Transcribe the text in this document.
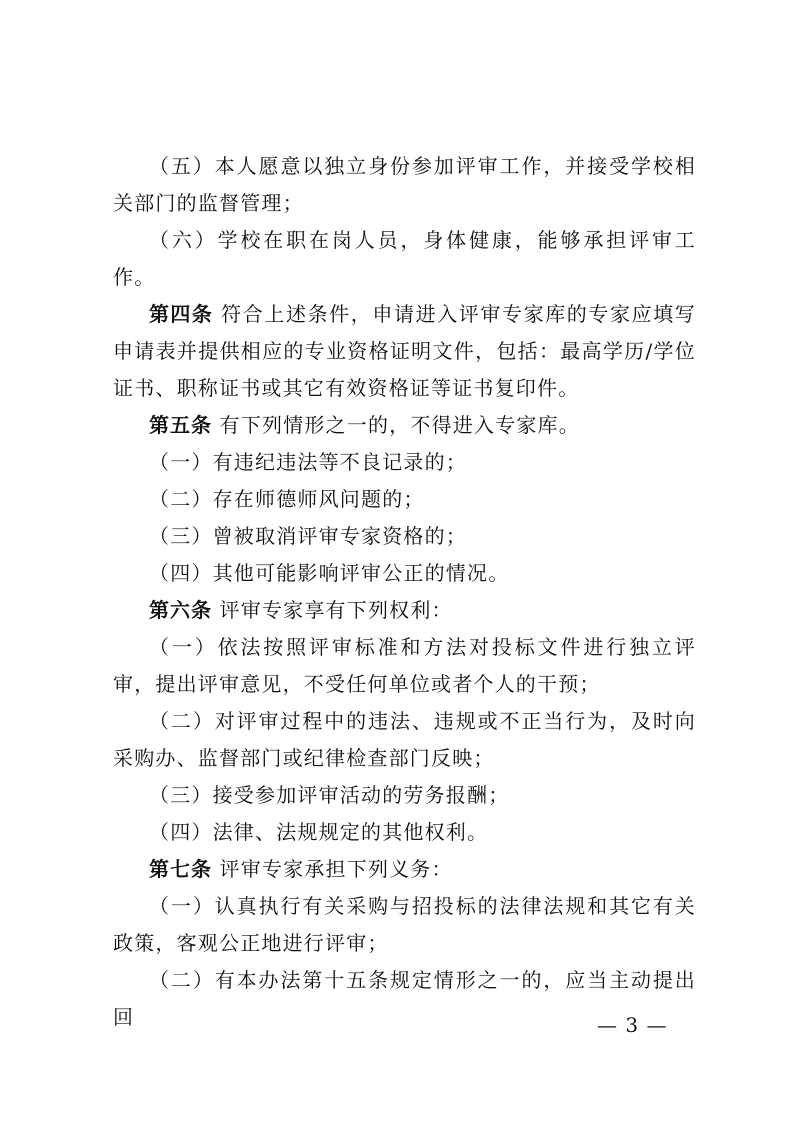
（五）本人愿意以独立身份参加评审工作，并接受学校相关部门的监督管理；

（六）学校在职在岗人员，身体健康，能够承担评审工作。

第四条 符合上述条件，申请进入评审专家库的专家应填写申请表并提供相应的专业资格证明文件，包括：最高学历/学位证书、职称证书或其它有效资格证等证书复印件。

第五条 有下列情形之一的，不得进入专家库。

（一）有违纪违法等不良记录的；

（二）存在师德师风问题的；

（三）曾被取消评审专家资格的；

（四）其他可能影响评审公正的情况。

第六条 评审专家享有下列权利：

（一）依法按照评审标准和方法对投标文件进行独立评审，提出评审意见，不受任何单位或者个人的干预；

（二）对评审过程中的违法、违规或不正当行为，及时向采购办、监督部门或纪律检查部门反映；

（三）接受参加评审活动的劳务报酬；

（四）法律、法规规定的其他权利。

第七条 评审专家承担下列义务：

（一）认真执行有关采购与招投标的法律法规和其它有关政策，客观公正地进行评审；

（二）有本办法第十五条规定情形之一的，应当主动提出回	— 3 —
